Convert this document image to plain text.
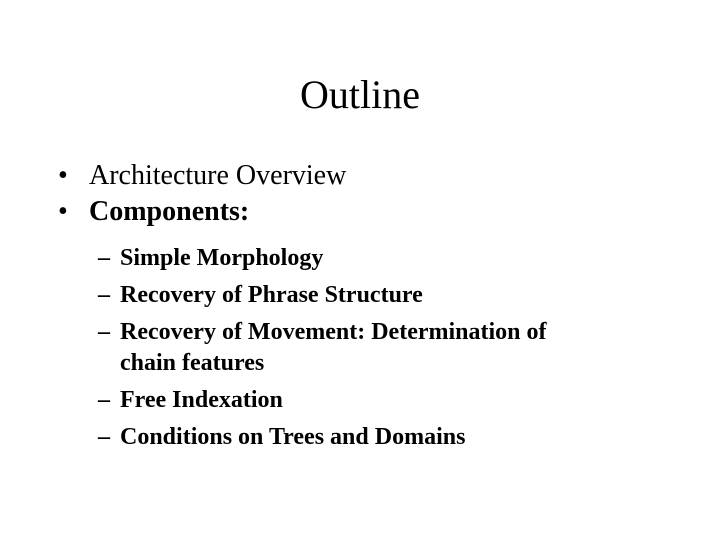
Outline
• Architecture Overview
• Components:
– Simple Morphology
– Recovery of Phrase Structure
– Recovery of Movement: Determination of
chain features
– Free Indexation
– Conditions on Trees and Domains
